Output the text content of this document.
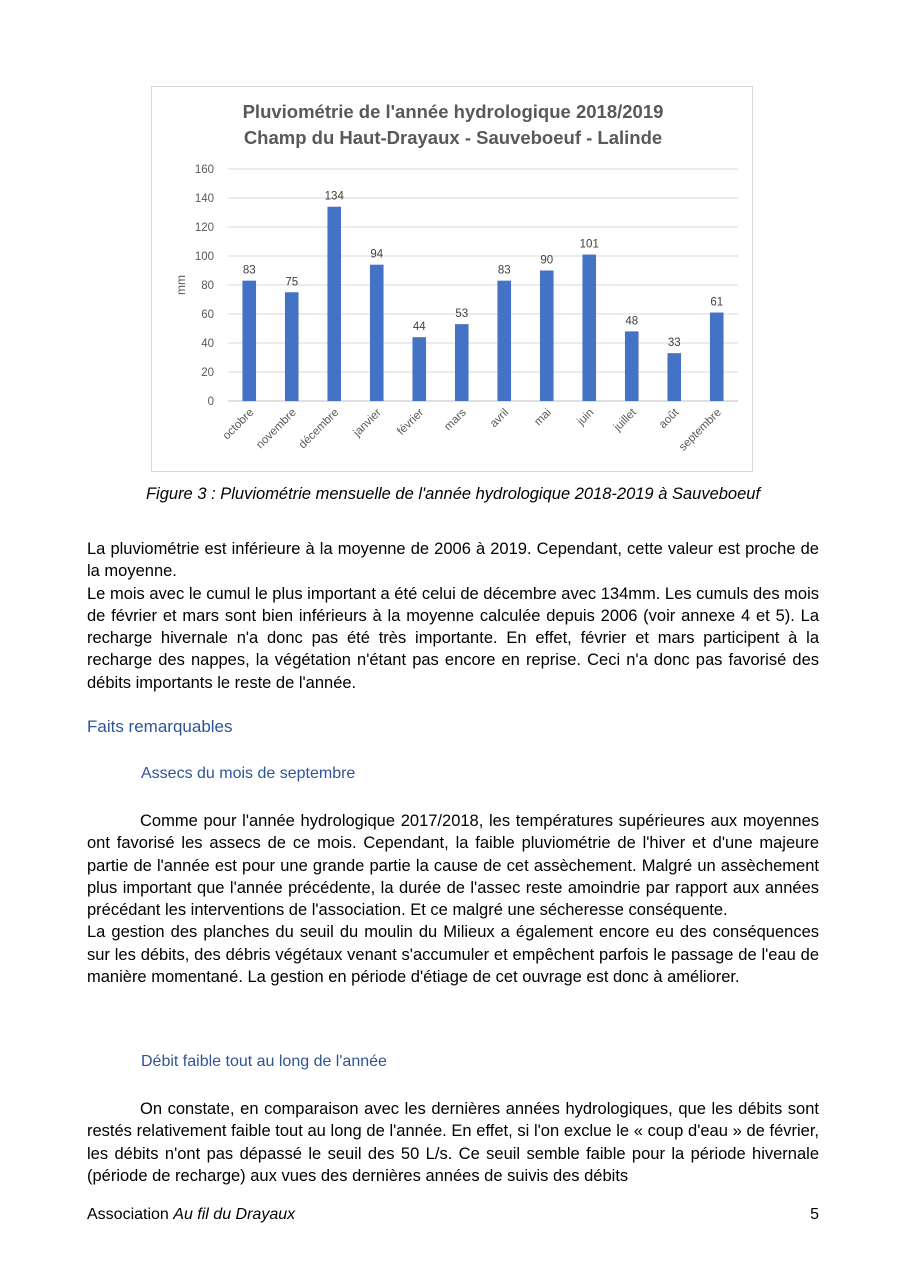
Pluviométrie de l'année hydrologique 2018/2019
Champ du Haut-Drayaux - Sauveboeuf - Lalinde
mm
0
20
40
60
80
100
120
140
160
83
75
134
94
44
53
83
90
101
48
33
61
octobre
novembre
décembre janvier février mars avril mai juin juillet août
septembre
Figure 3 : Pluviométrie mensuelle de l'année hydrologique 2018-2019 à Sauveboeuf

La pluviométrie est inférieure à la moyenne de 2006 à 2019. Cependant, cette valeur est proche de la moyenne.

Le mois avec le cumul le plus important a été celui de décembre avec 134mm. Les cumuls des mois de février et mars sont bien inférieurs à la moyenne calculée depuis 2006 (voir annexe 4 et 5). La recharge hivernale n'a donc pas été très importante. En effet, février et mars participent à la recharge des nappes, la végétation n'étant pas encore en reprise. Ceci n'a donc pas favorisé des débits importants le reste de l'année.

Faits remarquables
Assecs du mois de septembre

Comme pour l'année hydrologique 2017/2018, les températures supérieures aux moyennes ont favorisé les assecs de ce mois. Cependant, la faible pluviométrie de l'hiver et d'une majeure partie de l'année est pour une grande partie la cause de cet assèchement. Malgré un assèchement plus important que l'année précédente, la durée de l'assec reste amoindrie par rapport aux années précédant les interventions de l'association. Et ce malgré une sécheresse conséquente.

La gestion des planches du seuil du moulin du Milieux a également encore eu des conséquences sur les débits, des débris végétaux venant s'accumuler et empêchent parfois le passage de l'eau de manière momentané. La gestion en période d'étiage de cet ouvrage est donc à améliorer.

Débit faible tout au long de l'année

On constate, en comparaison avec les dernières années hydrologiques, que les débits sont restés relativement faible tout au long de l'année. En effet, si l'on exclue le « coup d'eau » de février, les débits n'ont pas dépassé le seuil des 50 L/s. Ce seuil semble faible pour la période hivernale (période de recharge) aux vues des dernières années de suivis des débits

Association Au fil du Drayaux	5
